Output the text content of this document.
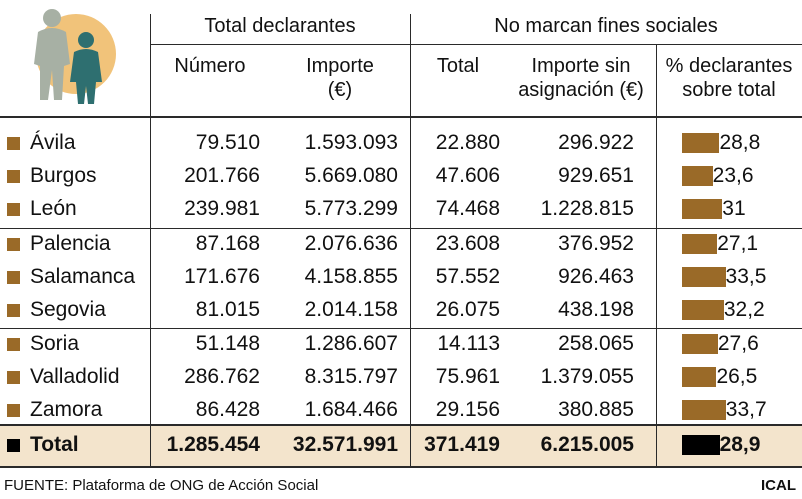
Total declarantes	No marcan fines sociales
Número	Importe
(€)
Total	Importe sin
asignación (€)
% declarantes
sobre total
Ávila	79.510	1.593.093	22.880	296.922	28,8
Burgos	201.766	5.669.080	47.606	929.651	23,6
León	239.981	5.773.299	74.468	1.228.815	31
Palencia	87.168	2.076.636	23.608	376.952	27,1
Salamanca	171.676	4.158.855	57.552	926.463	33,5
Segovia	81.015	2.014.158	26.075	438.198	32,2
Soria	51.148	1.286.607	14.113	258.065	27,6
Valladolid	286.762	8.315.797	75.961	1.379.055	26,5
Zamora	86.428	1.684.466	29.156	380.885	33,7
Total	1.285.454	32.571.991	371.419	6.215.005	28,9
FUENTE: Plataforma de ONG de Acción Social	ICAL
